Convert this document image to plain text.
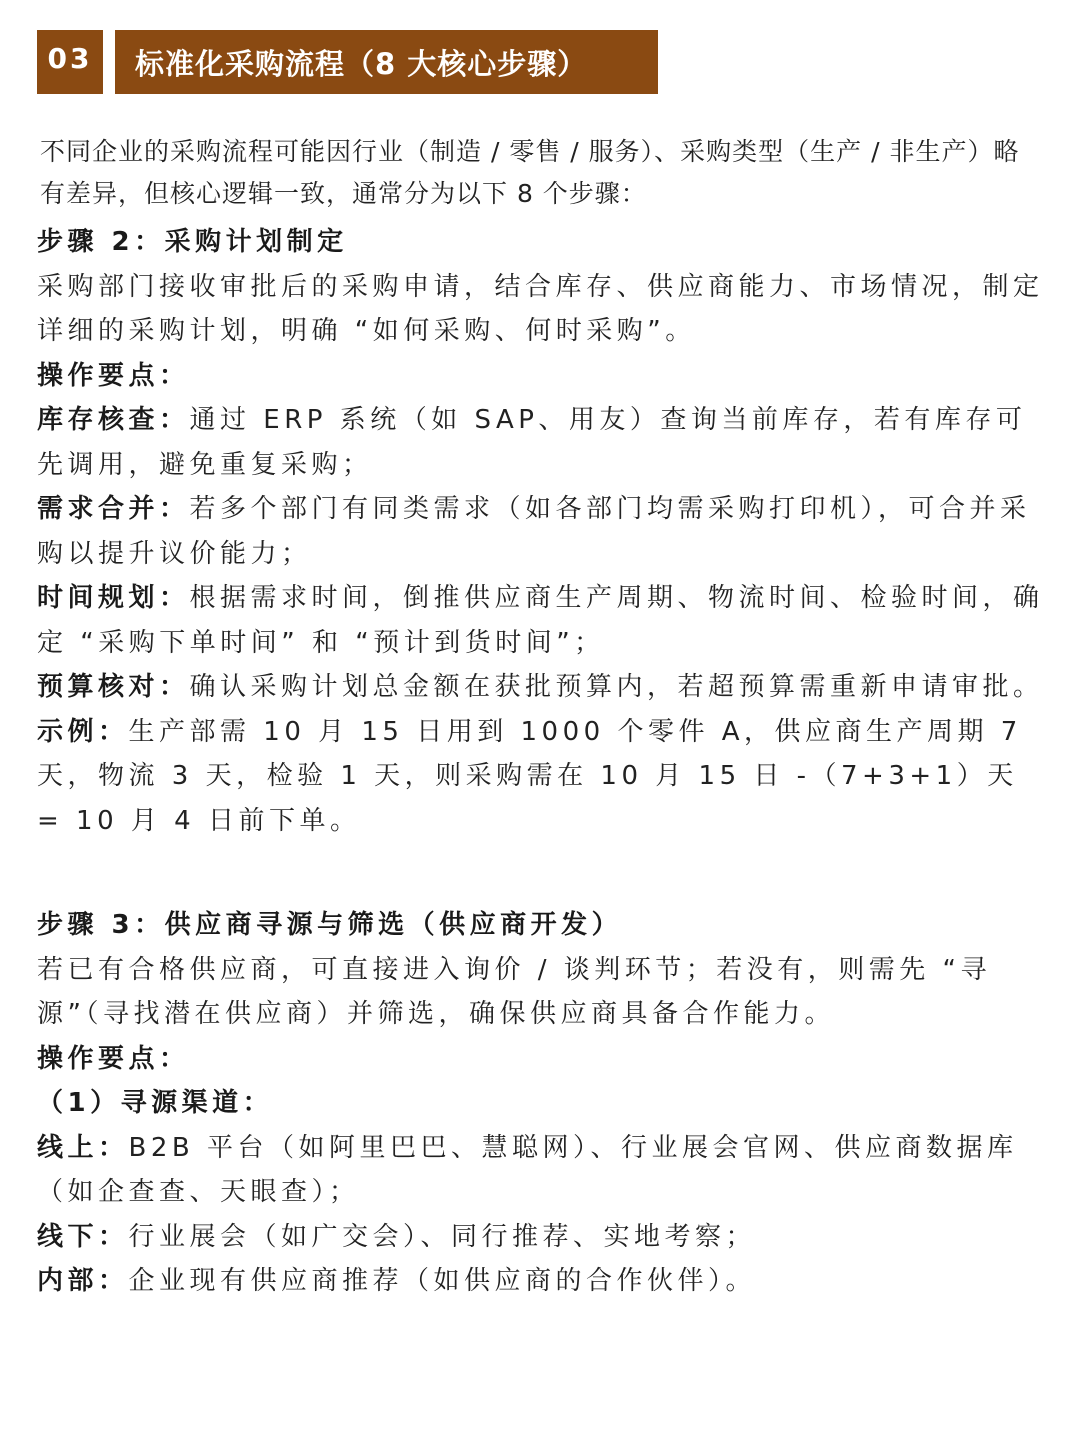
03	标准化采购流程（8 大核心步骤）
不同企业的采购流程可能因行业（制造 / 零售 / 服务）、采购类型（生产 / 非生产）略有差异，但核心逻辑一致，通常分为以下 8 个步骤：

步骤 2：采购计划制定

采购部门接收审批后的采购申请，结合库存、供应商能力、市场情况，制定详细的采购计划，明确 “如何采购、何时采购”。

操作要点：

库存核查：通过 ERP 系统（如 SAP、用友）查询当前库存，若有库存可先调用，避免重复采购；

需求合并：若多个部门有同类需求（如各部门均需采购打印机），可合并采购以提升议价能力；

时间规划：根据需求时间，倒推供应商生产周期、物流时间、检验时间，确定 “采购下单时间” 和 “预计到货时间”；

预算核对：确认采购计划总金额在获批预算内，若超预算需重新申请审批。

示例：生产部需 10 月 15 日用到 1000 个零件 A，供应商生产周期 7 天，物流 3 天，检验 1 天，则采购需在 10 月 15 日 -（7+3+1）天 = 10 月 4 日前下单。

步骤 3：供应商寻源与筛选（供应商开发）

若已有合格供应商，可直接进入询价 / 谈判环节；若没有，则需先 “寻源”（寻找潜在供应商）并筛选，确保供应商具备合作能力。

操作要点：

（1）寻源渠道：

线上：B2B 平台（如阿里巴巴、慧聪网）、行业展会官网、供应商数据库（如企查查、天眼查）；

线下：行业展会（如广交会）、同行推荐、实地考察；

内部：企业现有供应商推荐（如供应商的合作伙伴）。
